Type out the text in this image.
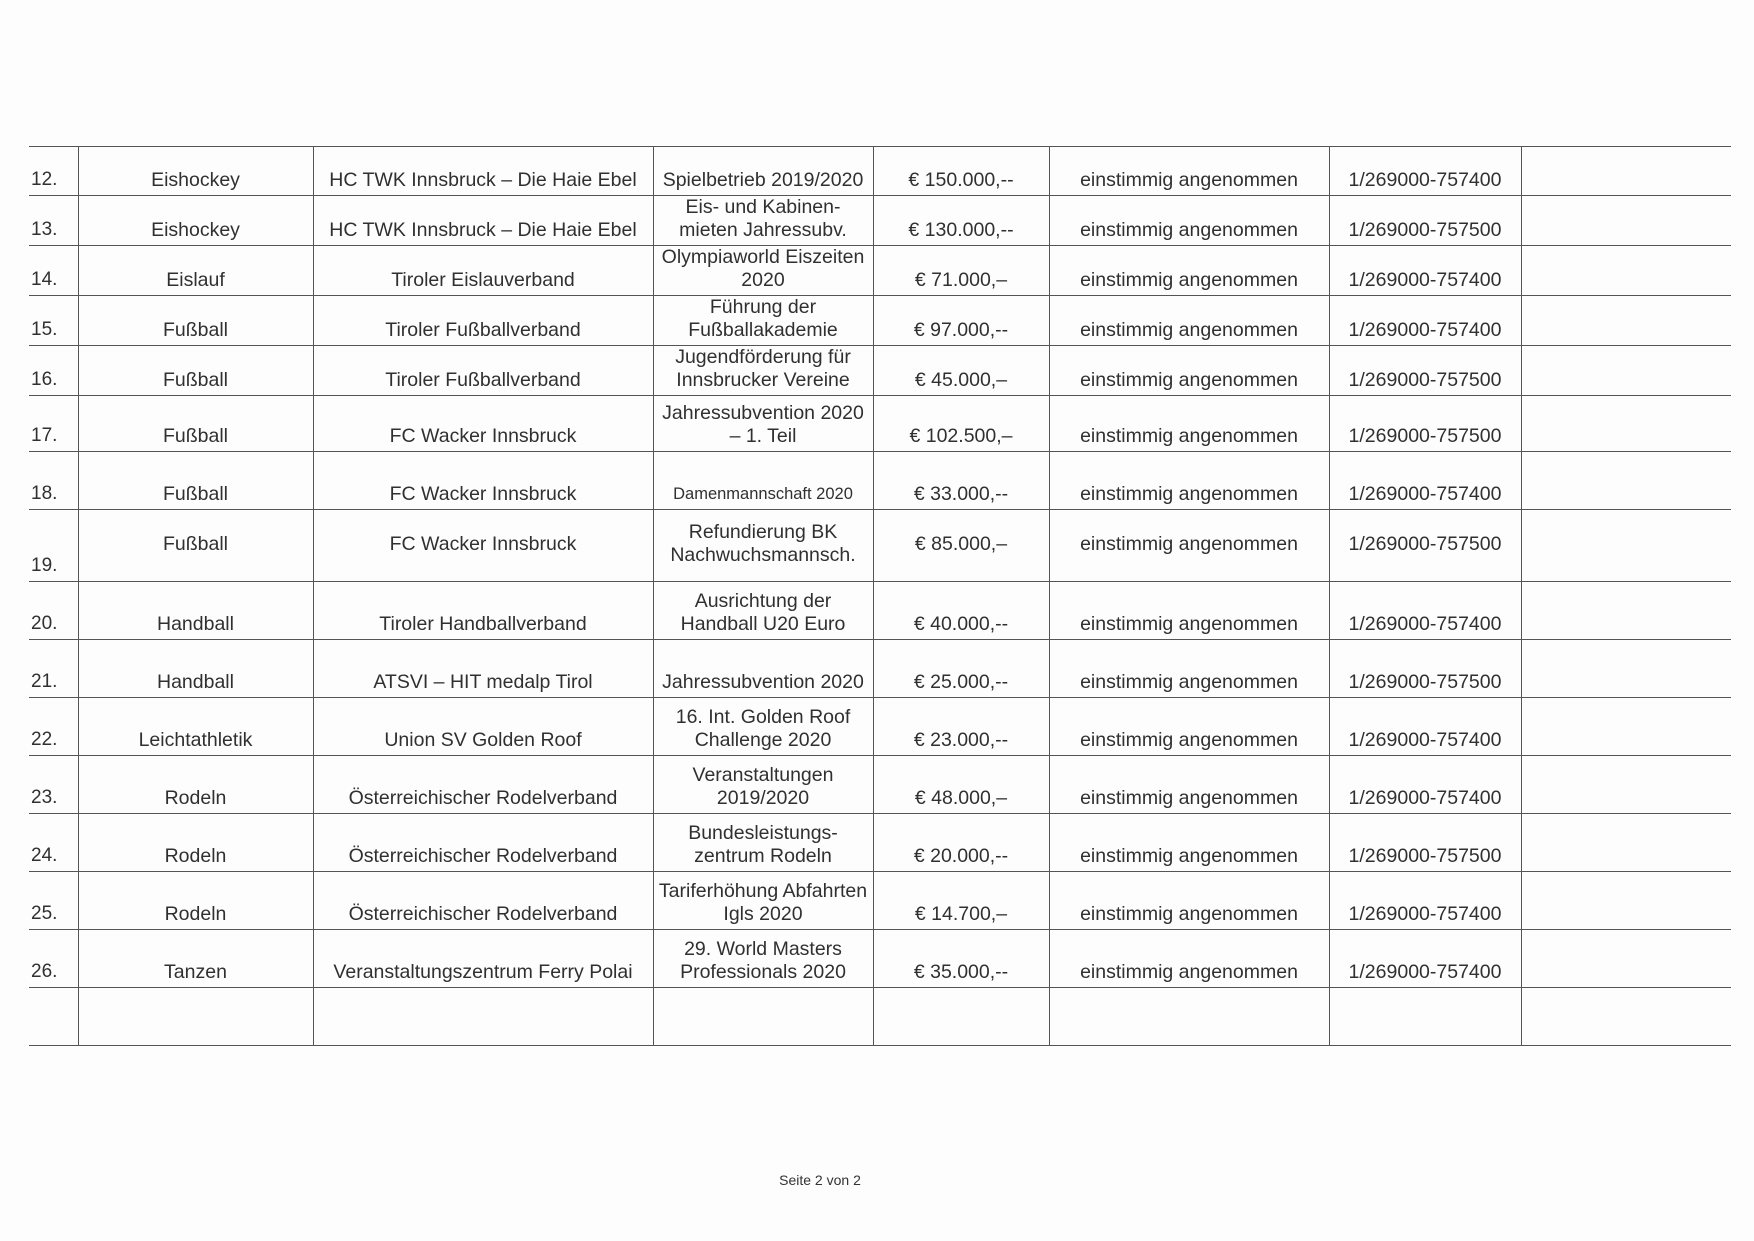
12.	Eishockey	HC TWK Innsbruck – Die Haie Ebel	Spielbetrieb 2019/2020	€ 150.000,--	einstimmig angenommen	1/269000-757400	
13.	Eishockey	HC TWK Innsbruck – Die Haie Ebel	Eis- und Kabinen-mieten Jahressubv.	€ 130.000,--	einstimmig angenommen	1/269000-757500	
14.	Eislauf	Tiroler Eislauverband	Olympiaworld Eiszeiten 2020	€ 71.000,–	einstimmig angenommen	1/269000-757400	
15.	Fußball	Tiroler Fußballverband	Führung der Fußballakademie	€ 97.000,--	einstimmig angenommen	1/269000-757400	
16.	Fußball	Tiroler Fußballverband	Jugendförderung für Innsbrucker Vereine	€ 45.000,–	einstimmig angenommen	1/269000-757500	
17.	Fußball	FC Wacker Innsbruck	Jahressubvention 2020 – 1. Teil	€ 102.500,–	einstimmig angenommen	1/269000-757500	
18.	Fußball	FC Wacker Innsbruck	Damenmannschaft 2020	€ 33.000,--	einstimmig angenommen	1/269000-757400	
19.	Fußball	FC Wacker Innsbruck	Refundierung BK Nachwuchsmannsch.	€ 85.000,–	einstimmig angenommen	1/269000-757500	
20.	Handball	Tiroler Handballverband	Ausrichtung der Handball U20 Euro	€ 40.000,--	einstimmig angenommen	1/269000-757400	
21.	Handball	ATSVI – HIT medalp Tirol	Jahressubvention 2020	€ 25.000,--	einstimmig angenommen	1/269000-757500	
22.	Leichtathletik	Union SV Golden Roof	16. Int. Golden Roof Challenge 2020	€ 23.000,--	einstimmig angenommen	1/269000-757400	
23.	Rodeln	Österreichischer Rodelverband	Veranstaltungen 2019/2020	€ 48.000,–	einstimmig angenommen	1/269000-757400	
24.	Rodeln	Österreichischer Rodelverband	Bundesleistungs-zentrum Rodeln	€ 20.000,--	einstimmig angenommen	1/269000-757500	
25.	Rodeln	Österreichischer Rodelverband	Tariferhöhung Abfahrten Igls 2020	€ 14.700,–	einstimmig angenommen	1/269000-757400	
26.	Tanzen	Veranstaltungszentrum Ferry Polai	29. World Masters Professionals 2020	€ 35.000,--	einstimmig angenommen	1/269000-757400	

Seite 2 von 2
